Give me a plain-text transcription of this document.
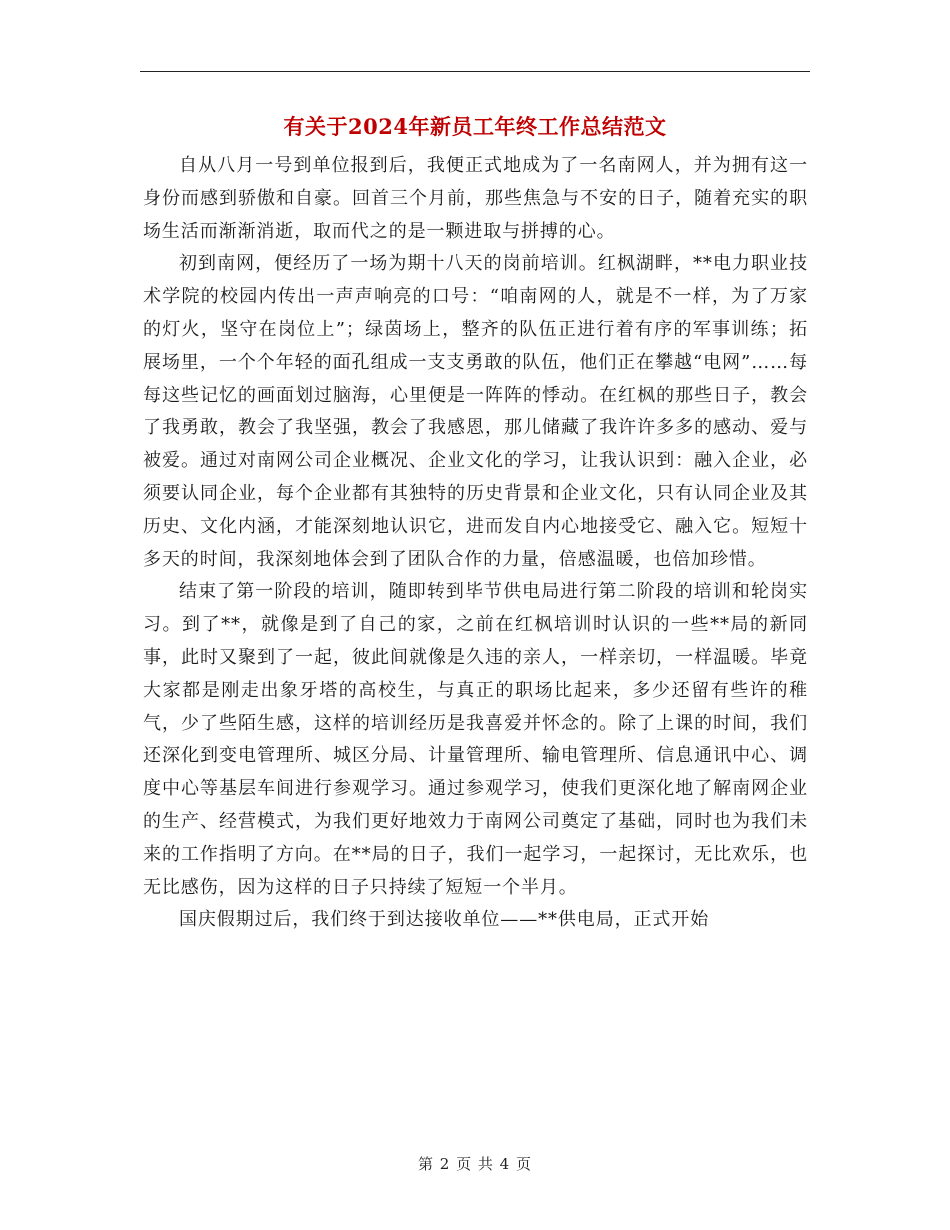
有关于2024年新员工年终工作总结范文

自从八月一号到单位报到后，我便正式地成为了一名南网人，并为拥有这一身份而感到骄傲和自豪。回首三个月前，那些焦急与不安的日子，随着充实的职场生活而渐渐消逝，取而代之的是一颗进取与拼搏的心。

初到南网，便经历了一场为期十八天的岗前培训。红枫湖畔，**电力职业技术学院的校园内传出一声声响亮的口号：“咱南网的人，就是不一样，为了万家的灯火，坚守在岗位上”；绿茵场上，整齐的队伍正进行着有序的军事训练；拓展场里，一个个年轻的面孔组成一支支勇敢的队伍，他们正在攀越“电网”……每每这些记忆的画面划过脑海，心里便是一阵阵的悸动。在红枫的那些日子，教会了我勇敢，教会了我坚强，教会了我感恩，那儿储藏了我许许多多的感动、爱与被爱。通过对南网公司企业概况、企业文化的学习，让我认识到：融入企业，必须要认同企业，每个企业都有其独特的历史背景和企业文化，只有认同企业及其历史、文化内涵，才能深刻地认识它，进而发自内心地接受它、融入它。短短十多天的时间，我深刻地体会到了团队合作的力量，倍感温暖，也倍加珍惜。

结束了第一阶段的培训，随即转到毕节供电局进行第二阶段的培训和轮岗实习。到了**，就像是到了自己的家，之前在红枫培训时认识的一些**局的新同事，此时又聚到了一起，彼此间就像是久违的亲人，一样亲切，一样温暖。毕竟大家都是刚走出象牙塔的高校生，与真正的职场比起来，多少还留有些许的稚气，少了些陌生感，这样的培训经历是我喜爱并怀念的。除了上课的时间，我们还深化到变电管理所、城区分局、计量管理所、输电管理所、信息通讯中心、调度中心等基层车间进行参观学习。通过参观学习，使我们更深化地了解南网企业的生产、经营模式，为我们更好地效力于南网公司奠定了基础，同时也为我们未来的工作指明了方向。在**局的日子，我们一起学习，一起探讨，无比欢乐，也无比感伤，因为这样的日子只持续了短短一个半月。

国庆假期过后，我们终于到达接收单位——**供电局，正式开始

第 2 页 共 4 页
